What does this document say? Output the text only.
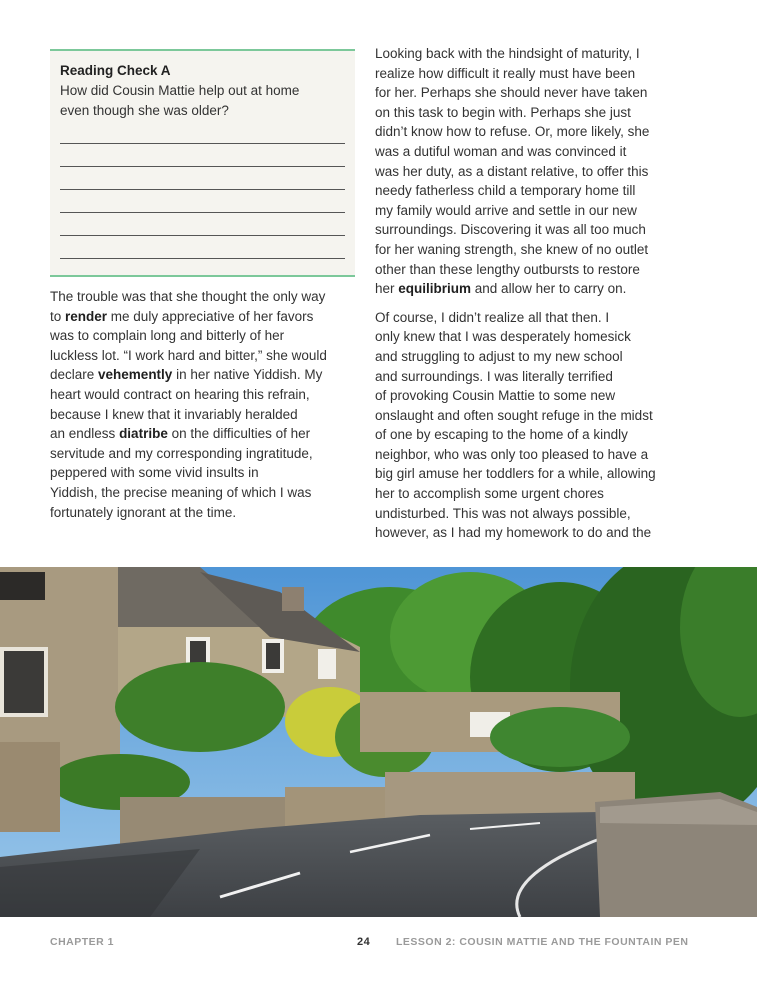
Reading Check A
How did Cousin Mattie help out at home
even though she was older?

The trouble was that she thought the only way
to render me duly appreciative of her favors
was to complain long and bitterly of her
luckless lot. “I work hard and bitter,” she would
declare vehemently in her native Yiddish. My
heart would contract on hearing this refrain,
because I knew that it invariably heralded
an endless diatribe on the difficulties of her
servitude and my corresponding ingratitude,
peppered with some vivid insults in
Yiddish, the precise meaning of which I was
fortunately ignorant at the time.

Looking back with the hindsight of maturity, I
realize how difficult it really must have been
for her. Perhaps she should never have taken
on this task to begin with. Perhaps she just
didn’t know how to refuse. Or, more likely, she
was a dutiful woman and was convinced it
was her duty, as a distant relative, to offer this
needy fatherless child a temporary home till
my family would arrive and settle in our new
surroundings. Discovering it was all too much
for her waning strength, she knew of no outlet
other than these lengthy outbursts to restore
her equilibrium and allow her to carry on.

Of course, I didn’t realize all that then. I
only knew that I was desperately homesick
and struggling to adjust to my new school
and surroundings. I was literally terrified
of provoking Cousin Mattie to some new
onslaught and often sought refuge in the midst
of one by escaping to the home of a kindly
neighbor, who was only too pleased to have a
big girl amuse her toddlers for a while, allowing
her to accomplish some urgent chores
undisturbed. This was not always possible,
however, as I had my homework to do and the

CHAPTER 1	24 LESSON 2: COUSIN MATTIE AND THE FOUNTAIN PEN
